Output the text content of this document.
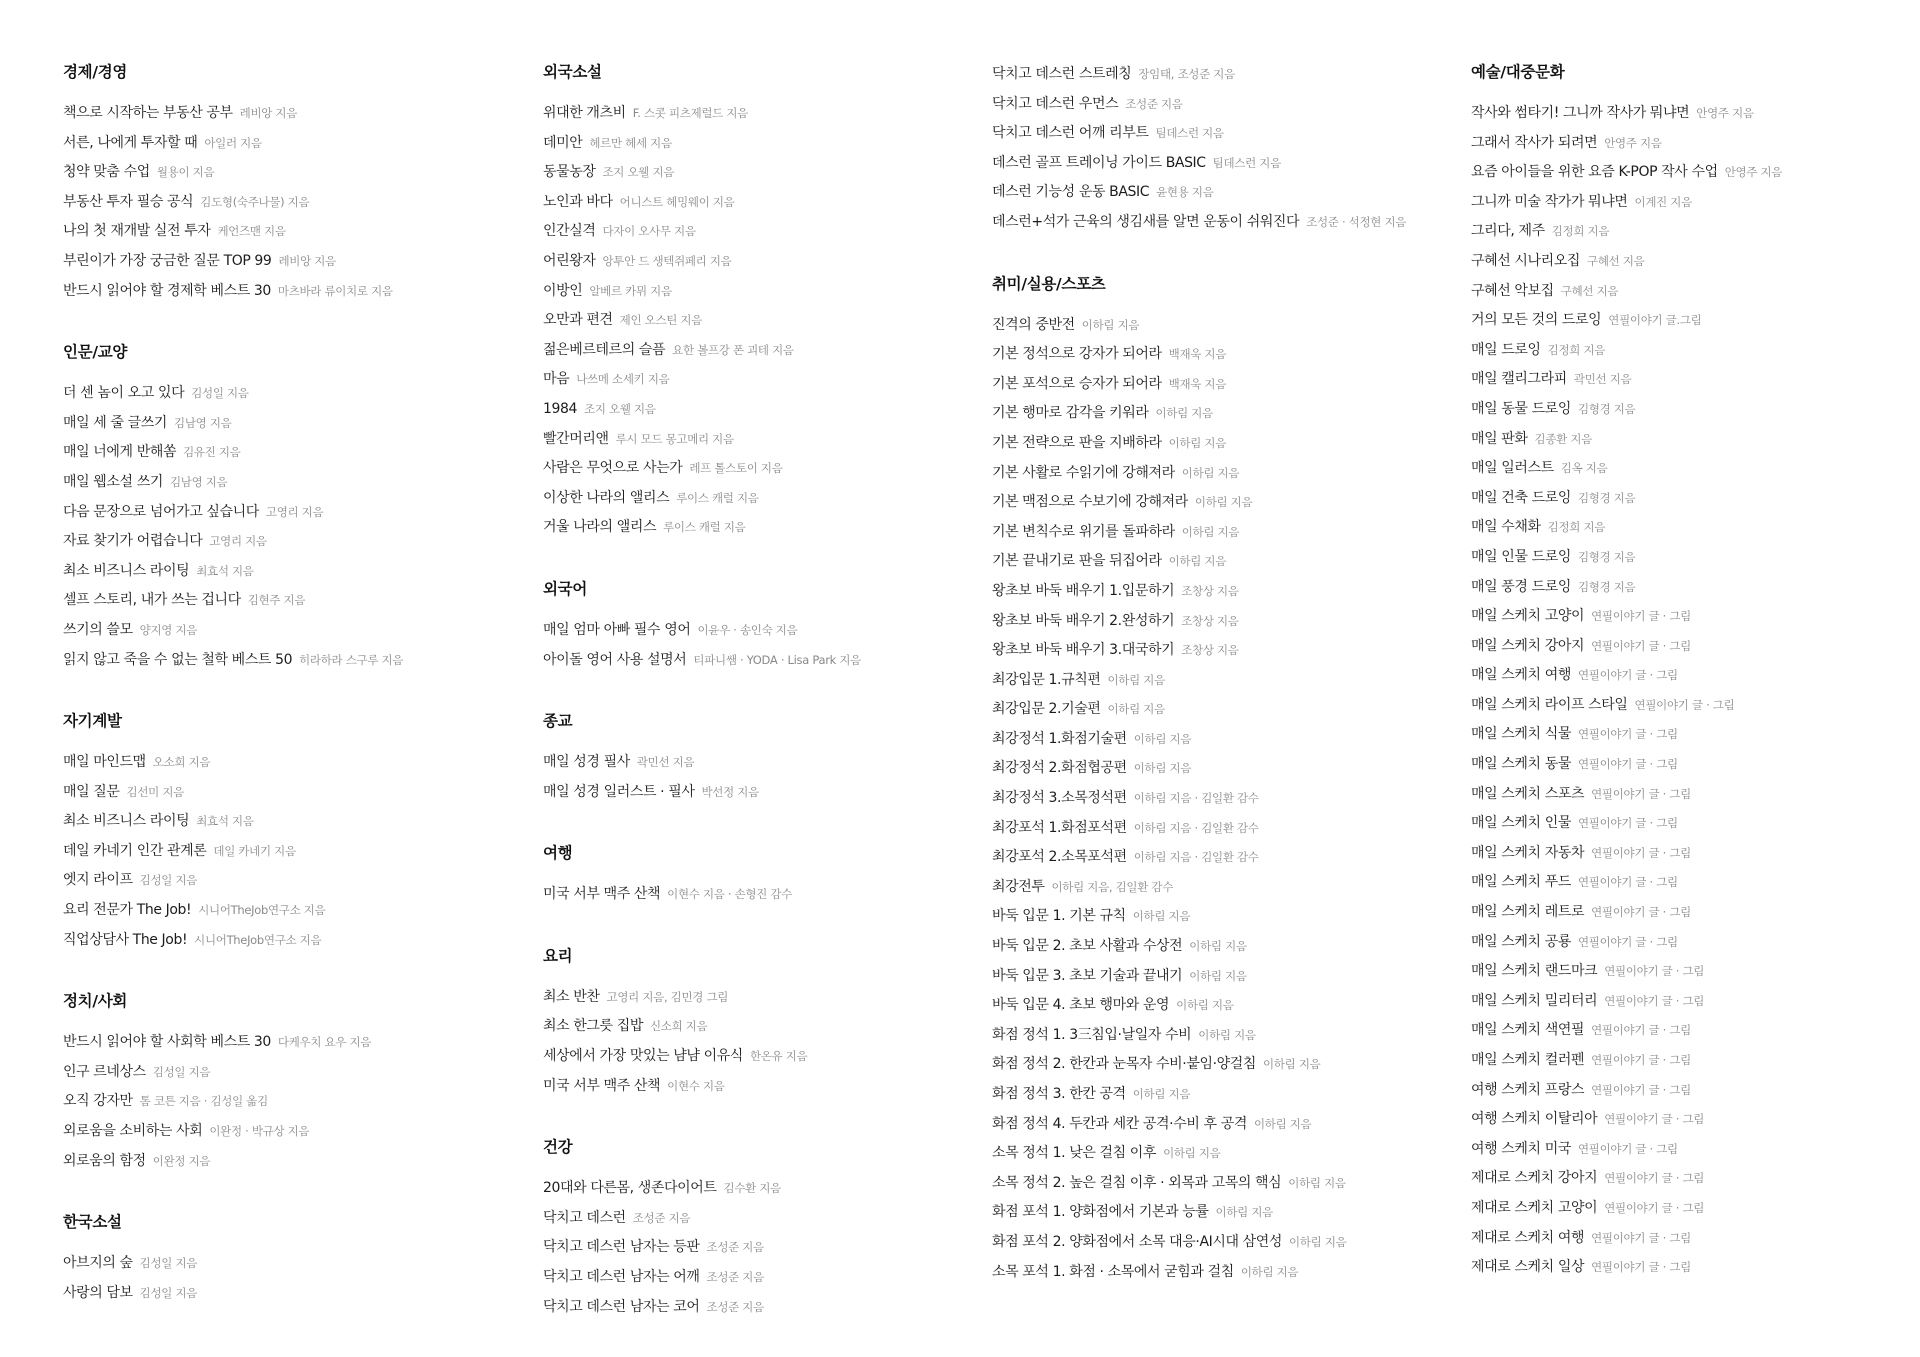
경제/경영
책으로 시작하는 부동산 공부 레비앙 지음
서른, 나에게 투자할 때 아일러 지음
청약 맞춤 수업 월용이 지음
부동산 투자 필승 공식 김도형(숙주나물) 지음
나의 첫 재개발 실전 투자 케언즈맨 지음
부린이가 가장 궁금한 질문 TOP 99 레비앙 지음
반드시 읽어야 할 경제학 베스트 30 마츠바라 류이치로 지음
인문/교양
더 센 놈이 오고 있다 김성일 지음
매일 세 줄 글쓰기 김남영 지음
매일 너에게 반해쏨 김유진 지음
매일 웹소설 쓰기 김남영 지음
다음 문장으로 넘어가고 싶습니다 고영리 지음
자료 찾기가 어렵습니다 고영리 지음
최소 비즈니스 라이팅 최효석 지음
셀프 스토리, 내가 쓰는 겁니다 김현주 지음
쓰기의 쓸모 양지영 지음
읽지 않고 죽을 수 없는 철학 베스트 50 히라하라 스구루 지음
자기계발
매일 마인드맵 오소희 지음
매일 질문 김선미 지음
최소 비즈니스 라이팅 최효석 지음
데일 카네기 인간 관계론 데일 카네기 지음
엣지 라이프 김성일 지음
요리 전문가 The Job! 시니어TheJob연구소 지음
직업상담사 The Job! 시니어TheJob연구소 지음
정치/사회
반드시 읽어야 할 사회학 베스트 30 다케우치 요우 지음
인구 르네상스 김성일 지음
오직 강자만 톰 코튼 지음 · 김성일 옮김
외로움을 소비하는 사회 이완정 · 박규상 지음
외로움의 함정 이완정 지음
한국소설
아브지의 숲 김성일 지음
사랑의 담보 김성일 지음
외국소설
위대한 개츠비 F. 스콧 피츠제럴드 지음
데미안 헤르만 헤세 지음
동물농장 조지 오웰 지음
노인과 바다 어니스트 헤밍웨이 지음
인간실격 다자이 오사무 지음
어린왕자 앙투안 드 생텍쥐페리 지음
이방인 알베르 카뮈 지음
오만과 편견 제인 오스틴 지음
젊은베르테르의 슬픔 요한 볼프강 폰 괴테 지음
마음 나쓰메 소세키 지음
1984 조지 오웰 지음
빨간머리앤 루시 모드 몽고메리 지음
사람은 무엇으로 사는가 레프 톨스토이 지음
이상한 나라의 앨리스 루이스 캐럴 지음
거울 나라의 앨리스 루이스 캐럴 지음
외국어
매일 엄마 아빠 필수 영어 이윤우 · 송인숙 지음
아이돌 영어 사용 설명서 티파니쌤 · YODA · Lisa Park 지음
종교
매일 성경 필사 곽민선 지음
매일 성경 일러스트 · 필사 박선정 지음
여행
미국 서부 맥주 산책 이현수 지음 · 손형진 감수
요리
최소 반찬 고영리 지음, 김민경 그림
최소 한그릇 집밥 신소희 지음
세상에서 가장 맛있는 냠냠 이유식 한온유 지음
미국 서부 맥주 산책 이현수 지음
건강
20대와 다른몸, 생존다이어트 김수환 지음
닥치고 데스런 조성준 지음
닥치고 데스런 남자는 등판 조성준 지음
닥치고 데스런 남자는 어깨 조성준 지음
닥치고 데스런 남자는 코어 조성준 지음
닥치고 데스런 스트레칭 장임태, 조성준 지음
닥치고 데스런 우먼스 조성준 지음
닥치고 데스런 어깨 리부트 팀데스런 지음
데스런 골프 트레이닝 가이드 BASIC 팀데스런 지음
데스런 기능성 운동 BASIC 윤현용 지음
데스런+석가 근육의 생김새를 알면 운동이 쉬워진다 조성준 · 석정현 지음
취미/실용/스포츠
진격의 중반전 이하림 지음
기본 정석으로 강자가 되어라 백재욱 지음
기본 포석으로 승자가 되어라 백재욱 지음
기본 행마로 감각을 키워라 이하림 지음
기본 전략으로 판을 지배하라 이하림 지음
기본 사활로 수읽기에 강해져라 이하림 지음
기본 맥점으로 수보기에 강해져라 이하림 지음
기본 변칙수로 위기를 돌파하라 이하림 지음
기본 끝내기로 판을 뒤집어라 이하림 지음
왕초보 바둑 배우기 1.입문하기 조창상 지음
왕초보 바둑 배우기 2.완성하기 조창상 지음
왕초보 바둑 배우기 3.대국하기 조창상 지음
최강입문 1.규칙편 이하림 지음
최강입문 2.기술편 이하림 지음
최강정석 1.화점기술편 이하림 지음
최강정석 2.화점협공편 이하림 지음
최강정석 3.소목정석편 이하림 지음 · 김일환 감수
최강포석 1.화점포석편 이하림 지음 · 김일환 감수
최강포석 2.소목포석편 이하림 지음 · 김일환 감수
최강전투 이하림 지음, 김일환 감수
바둑 입문 1. 기본 규칙 이하림 지음
바둑 입문 2. 초보 사활과 수상전 이하림 지음
바둑 입문 3. 초보 기술과 끝내기 이하림 지음
바둑 입문 4. 초보 행마와 운영 이하림 지음
화점 정석 1. 3三침입·날일자 수비 이하림 지음
화점 정석 2. 한칸과 눈목자 수비·붙임·양걸침 이하림 지음
화점 정석 3. 한칸 공격 이하림 지음
화점 정석 4. 두칸과 세칸 공격·수비 후 공격 이하림 지음
소목 정석 1. 낮은 걸침 이후 이하림 지음
소목 정석 2. 높은 걸침 이후 · 외목과 고목의 핵심 이하림 지음
화점 포석 1. 양화점에서 기본과 능률 이하림 지음
화점 포석 2. 양화점에서 소목 대응·AI시대 삼연성 이하림 지음
소목 포석 1. 화점 · 소목에서 굳힘과 걸침 이하림 지음
예술/대중문화
작사와 썸타기! 그니까 작사가 뭐냐면 안영주 지음
그래서 작사가 되려면 안영주 지음
요즘 아이들을 위한 요즘 K-POP 작사 수업 안영주 지음
그니까 미술 작가가 뭐냐면 이계진 지음
그리다, 제주 김정희 지음
구혜선 시나리오집 구혜선 지음
구혜선 악보집 구혜선 지음
거의 모든 것의 드로잉 연필이야기 글.그림
매일 드로잉 김정희 지음
매일 캘리그라피 곽민선 지음
매일 동물 드로잉 김형경 지음
매일 판화 김종환 지음
매일 일러스트 김옥 지음
매일 건축 드로잉 김형경 지음
매일 수채화 김정희 지음
매일 인물 드로잉 김형경 지음
매일 풍경 드로잉 김형경 지음
매일 스케치 고양이 연필이야기 글 · 그림
매일 스케치 강아지 연필이야기 글 · 그림
매일 스케치 여행 연필이야기 글 · 그림
매일 스케치 라이프 스타일 연필이야기 글 · 그림
매일 스케치 식물 연필이야기 글 · 그림
매일 스케치 동물 연필이야기 글 · 그림
매일 스케치 스포츠 연필이야기 글 · 그림
매일 스케치 인물 연필이야기 글 · 그림
매일 스케치 자동차 연필이야기 글 · 그림
매일 스케치 푸드 연필이야기 글 · 그림
매일 스케치 레트로 연필이야기 글 · 그림
매일 스케치 공룡 연필이야기 글 · 그림
매일 스케치 랜드마크 연필이야기 글 · 그림
매일 스케치 밀리터리 연필이야기 글 · 그림
매일 스케치 색연필 연필이야기 글 · 그림
매일 스케치 컬러펜 연필이야기 글 · 그림
여행 스케치 프랑스 연필이야기 글 · 그림
여행 스케치 이탈리아 연필이야기 글 · 그림
여행 스케치 미국 연필이야기 글 · 그림
제대로 스케치 강아지 연필이야기 글 · 그림
제대로 스케치 고양이 연필이야기 글 · 그림
제대로 스케치 여행 연필이야기 글 · 그림
제대로 스케치 일상 연필이야기 글 · 그림
